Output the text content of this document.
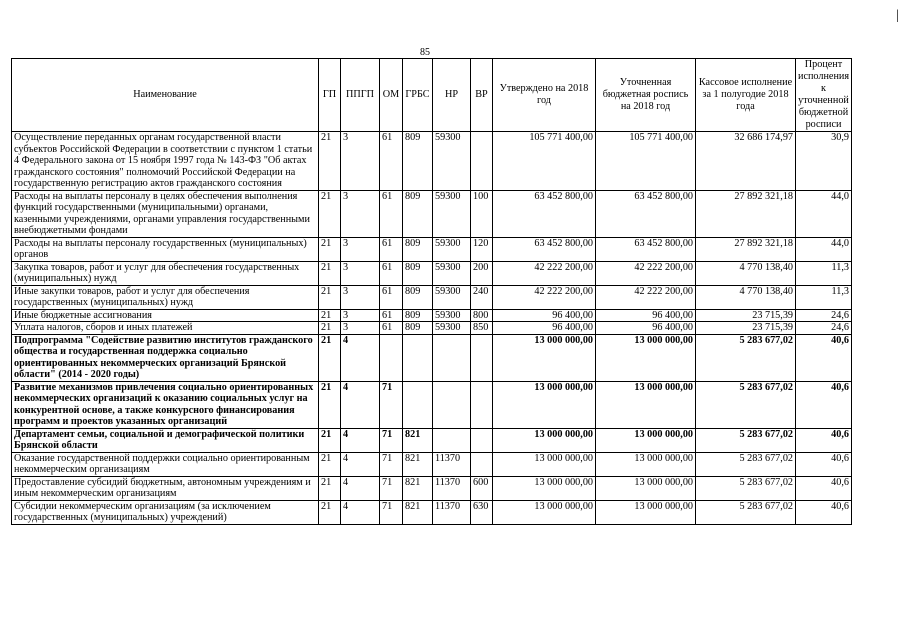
85
|
Наименование	ГП	ППГП	ОМ	ГРБС	НР	ВР	Утверждено на 2018 год	Уточненная бюджетная роспись на 2018 год	Кассовое исполнение за 1 полугодие 2018 года	Процент исполнения к уточненной бюджетной росписи
Осуществление переданных органам государственной власти субъектов Российской Федерации в соответствии с пунктом 1 статьи 4 Федерального закона от 15 ноября 1997 года № 143-ФЗ "Об актах гражданского состояния" полномочий Российской Федерации на государственную регистрацию актов гражданского состояния	21	3	61	809	59300		105 771 400,00	105 771 400,00	32 686 174,97	30,9
Расходы на выплаты персоналу в целях обеспечения выполнения функций государственными (муниципальными) органами, казенными учреждениями, органами управления государственными внебюджетными фондами	21	3	61	809	59300	100	63 452 800,00	63 452 800,00	27 892 321,18	44,0
Расходы на выплаты персоналу государственных (муниципальных) органов	21	3	61	809	59300	120	63 452 800,00	63 452 800,00	27 892 321,18	44,0
Закупка товаров, работ и услуг для обеспечения государственных (муниципальных) нужд	21	3	61	809	59300	200	42 222 200,00	42 222 200,00	4 770 138,40	11,3
Иные закупки товаров, работ и услуг для обеспечения государственных (муниципальных) нужд	21	3	61	809	59300	240	42 222 200,00	42 222 200,00	4 770 138,40	11,3
Иные бюджетные ассигнования	21	3	61	809	59300	800	96 400,00	96 400,00	23 715,39	24,6
Уплата налогов, сборов и иных платежей	21	3	61	809	59300	850	96 400,00	96 400,00	23 715,39	24,6
Подпрограмма "Содействие развитию институтов гражданского общества и государственная поддержка социально ориентированных некоммерческих организаций Брянской области" (2014 - 2020 годы)	21	4					13 000 000,00	13 000 000,00	5 283 677,02	40,6
Развитие механизмов привлечения социально ориентированных некоммерческих организаций к оказанию социальных услуг на конкурентной основе, а также конкурсного финансирования программ и проектов указанных организаций	21	4	71				13 000 000,00	13 000 000,00	5 283 677,02	40,6
Департамент семьи, социальной и демографической политики Брянской области	21	4	71	821			13 000 000,00	13 000 000,00	5 283 677,02	40,6
Оказание государственной поддержки социально ориентированным некоммерческим организациям	21	4	71	821	11370		13 000 000,00	13 000 000,00	5 283 677,02	40,6
Предоставление субсидий бюджетным, автономным учреждениям и иным некоммерческим организациям	21	4	71	821	11370	600	13 000 000,00	13 000 000,00	5 283 677,02	40,6
Субсидии некоммерческим организациям (за исключением государственных (муниципальных) учреждений)	21	4	71	821	11370	630	13 000 000,00	13 000 000,00	5 283 677,02	40,6
